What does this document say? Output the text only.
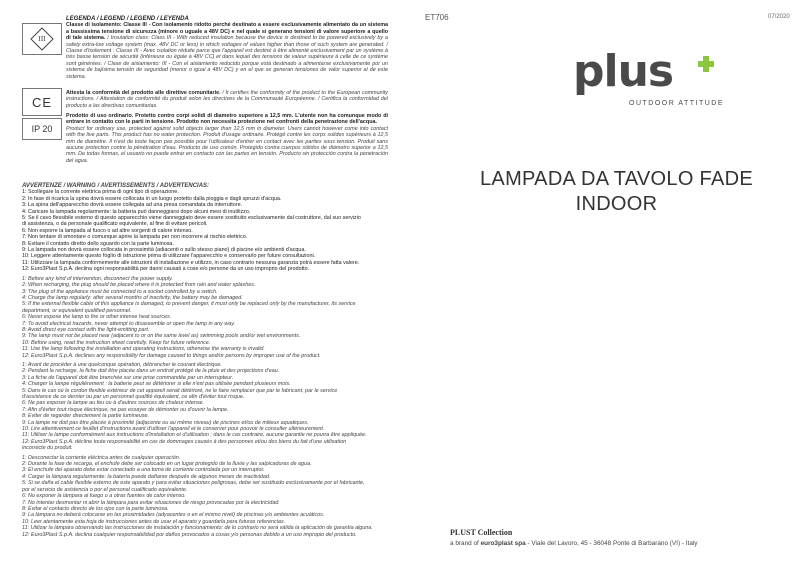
ET706	07/2020
III
CE
IP 20

LEGENDA / LEGEND / LEGEND / LEYENDA

Classe di isolamento: Classe III - Con isolamento ridotto perché destinato a essere esclusivamente alimentato da un sistema a bassissima tensione di sicurezza (minore o uguale a 48V DC) e nel quale si generano tensioni di valore superiore a quello di tale sistema. / Insulation class: Class III - With reduced insulation because the device is destined to be powered exclusively by a safety extra-low voltage system (max. 48V DC or less) in which voltages of values higher than those of such system are generated. / Classe d'isolement : Classe III - Avec isolation réduite parce que l'appareil est destiné à être alimenté exclusivement par un système à très basse tension de sécurité (inférieure ou égale à 48V CC) et dans lequel des tensions de valeur supérieure à celle de ce système sont générées. / Clase de aislamiento: III - Con el aislamiento reducido porque está destinado a alimentarse exclusivamente por un sistema de bajísima tensión de seguridad (menor o igual a 48V DC) y en el que se generan tensiones de valor superior al de este sistema.

Attesta la conformità del prodotto alle direttive comunitarie. / It certifies the conformity of the product to the European community instructions. / Attestation de conformité du produit selon les directives de la Communauté Européenne. / Certifica la conformidad del producto a las directivas comunitarias.

Prodotto di uso ordinario. Protetto contro corpi solidi di diametro superiore a 12,5 mm. L'utente non ha comunque modo di entrare in contatto con le parti in tensione. Prodotto non necessita protezione nei confronti della penetrazione dell'acqua.

Product for ordinary use, protected against solid objects larger than 12,5 mm in diameter. Users cannot however come into contact with the live parts. This product has no water protection. Produit d'usage ordinaire. Protégé contre les corps solides supérieurs à 12,5 mm de diamètre. Il n'est de toute façon pas possible pour l'utilisateur d'entrer en contact avec les parties sous tension. Produit sans aucune protection contre la pénétration d'eau. Producto de uso común. Protegido contra cuerpos sólidos de diámetro superior a 12,5 mm. De todas formas, el usuario no puede entrar en contacto con las partes en tensión. Producto sin protección contra la penetración del agua.

AVVERTENZE / WARNING / AVERTISSEMENTS / ADVERTENCIAS:

1: Scollegare la corrente elettrica prima di ogni tipo di operazione.
2: In fase di ricarica la spina dovrà essere collocata in un luogo protetto dalla pioggia e dagli spruzzi d'acqua.
3: La spina dell'apparecchio dovrà essere collegata ad una presa comandata da interruttore.
4: Caricare la lampada regolarmente: la batteria può danneggiarsi dopo alcuni mesi di inutilizzo.
5: Se il cavo flessibile esterno di questo apparecchio viene danneggiato deve essere sostituito esclusivamente dal costruttore, dal suo servizio
di assistenza, o da personale qualificato equivalente, al fine di evitare pericoli.
6: Non esporre la lampada al fuoco o ad altre sorgenti di calore intenso.
7: Non tentare di smontare o comunque aprire la lampada per non incorrere al rischio elettrico.
8: Evitare il contatto diretto dello sguardo con la parte luminosa.
9: La lampada non dovrà essere collocata in prossimità (adiacenti o sullo stesso piano) di piscine e/o ambienti d'acqua.
10: Leggere attentamente questo foglio di istruzione prima di utilizzare l'apparecchio e conservarlo per future consultazioni.
11: Utilizzare la lampada conformemente alle istruzioni di installazione e utilizzo, in caso contrario nessuna garanzia potrà essere fatta valere.
12: Euro3Plast S.p.A. declina ogni responsabilità per danni causati a cose e/o persone da un uso improprio del prodotto.
1: Before any kind of intervention, disconnect the power supply.
2: When recharging, the plug should be placed where it is protected from rain and water splashes.
3: The plug of the appliance must be connected to a socket controlled by a switch.
4: Charge the lamp regularly: after several months of inactivity, the battery may be damaged.
5: If the external flexible cable of this appliance is damaged, to prevent danger, it must only be replaced only by the manufacturer, its service
department, or equivalent qualified personnel.
6: Never expose the lamp to fire or other intense heat sources.
7: To avoid electrical hazards, never attempt to disassemble or open the lamp in any way.
8: Avoid direct eye contact with the light-emitting part.
9: The lamp must not be placed near (adjacent to or on the same level as) swimming pools and/or wet environments.
10: Before using, read the instruction sheet carefully. Keep for future reference.
11: Use the lamp following the installation and operating instructions, otherwise the warranty is invalid.
12: Euro3Plast S.p.A. declines any responsibility for damage caused to things and/or persons by improper use of the product.
1: Avant de procéder à une quelconque opération, débrancher le courant électrique.
2: Pendant la recharge, la fiche doit être placée dans un endroit protégé de la pluie et des projections d'eau.
3: La fiche de l'appareil doit être branchée sur une prise commandée par un interrupteur.
4: Charger la lampe régulièrement : la batterie peut se détériorer si elle n'est pas utilisée pendant plusieurs mois.
5: Dans le cas où le cordon flexible extérieur de cet appareil serait détérioré, ne le faire remplacer que par le fabricant, par le service
d'assistance de ce dernier ou par un personnel qualifié équivalent, ce afin d'éviter tout risque.
6: Ne pas exposer la lampe au feu ou à d'autres sources de chaleur intense.
7: Afin d'éviter tout risque électrique, ne pas essayer de démonter ou d'ouvrir la lampe.
8: Éviter de regarder directement la partie lumineuse.
9: La lampe ne doit pas être placée à proximité (adjacente ou au même niveau) de piscines et/ou de milieux aquatiques.
10: Lire attentivement ce feuillet d'instructions avant d'utiliser l'appareil et le conserver pour pouvoir le consulter ultérieurement.
11: Utiliser la lampe conformément aux instructions d'installation et d'utilisation ; dans le cas contraire, aucune garantie ne pourra être appliquée.
12: Euro3Plast S.p.A. décline toute responsabilité en cas de dommages causés à des personnes et/ou des biens du fait d'une utilisation
incorrecte du produit.
1: Desconectar la corriente eléctrica antes de cualquier operación.
2: Durante la fase de recarga, el enchufe debe ser colocado en un lugar protegido de la lluvia y las salpicaduras de agua.
3: El enchufe del aparato debe estar conectado a una toma de corriente controlada por un interruptor.
4: Cargar la lámpara regularmente: la batería puede dañarse después de algunos meses de inactividad.
5: Si se daña el cable flexible externo de este aparato y para evitar situaciones peligrosas, debe ser sustituido exclusivamente por el fabricante,
por el servicio de asistencia o por el personal cualificado equivalente.
6: No exponer la lámpara al fuego o a otras fuentes de calor intenso.
7: No intentar desmontar ni abrir la lámpara para evitar situaciones de riesgo provocadas por la electricidad.
8: Evitar el contacto directo de los ojos con la parte luminosa.
9: La lámpara no deberá colocarse en las proximidades (adyacentes o en el mismo nivel) de piscinas y/o ambientes acuáticos.
10: Leer atentamente esta hoja de instrucciones antes de usar el aparato y guardarla para futuras referencias.
11: Utilizar la lámpara observando las instrucciones de instalación y funcionamiento; de lo contrario no será válida la aplicación de garantía alguna.
12: Euro3Plast S.p.A. declina cualquier responsabilidad por daños provocados a cosas y/o personas debido a un uso impropio del producto.
plus
OUTDOOR ATTITUDE
LAMPADA DA TAVOLO FADE
INDOOR
PLUST Collection
a brand of euro3plast spa - Viale del Lavoro, 45 - 36048 Ponte di Barbarano (VI) - Italy
